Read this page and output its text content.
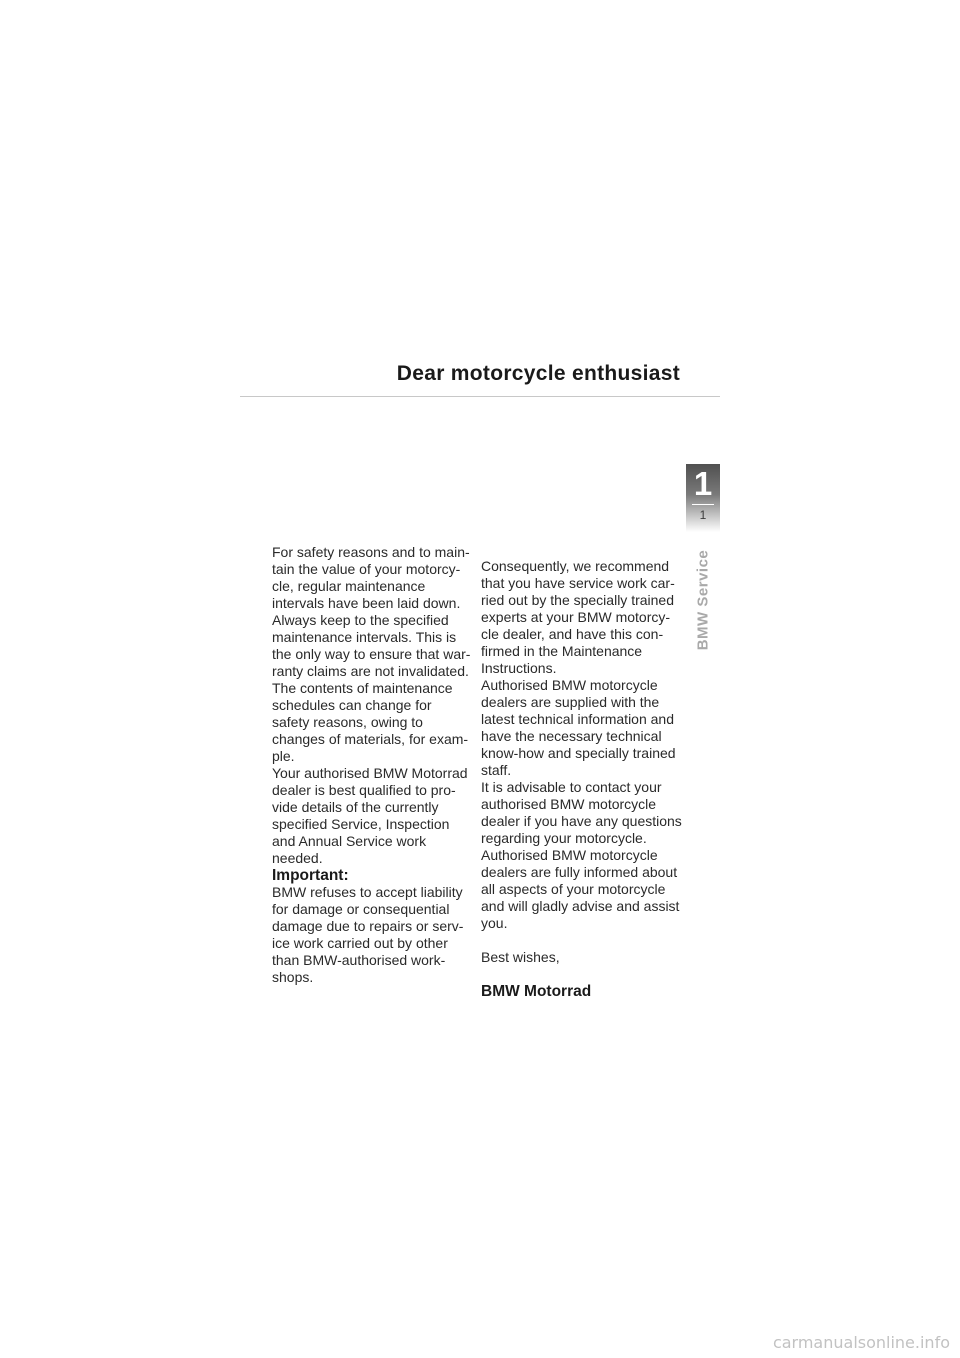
Dear motorcycle enthusiast
1
1
BMW Service

For safety reasons and to main-

tain the value of your motorcy-

cle, regular maintenance

intervals have been laid down.

Always keep to the specified

maintenance intervals. This is

the only way to ensure that war-

ranty claims are not invalidated.

The contents of maintenance

schedules can change for

safety reasons, owing to

changes of materials, for exam-

ple.

Your authorised BMW Motorrad

dealer is best qualified to pro-

vide details of the currently

specified Service, Inspection

and Annual Service work

needed.

Important:

BMW refuses to accept liability

for damage or consequential

damage due to repairs or serv-

ice work carried out by other

than BMW-authorised work-

shops.

Consequently, we recommend

that you have service work car-

ried out by the specially trained

experts at your BMW motorcy-

cle dealer, and have this con-

firmed in the Maintenance

Instructions.

Authorised BMW motorcycle

dealers are supplied with the

latest technical information and

have the necessary technical

know-how and specially trained

staff.

It is advisable to contact your

authorised BMW motorcycle

dealer if you have any questions

regarding your motorcycle.

Authorised BMW motorcycle

dealers are fully informed about

all aspects of your motorcycle

and will gladly advise and assist

you.

Best wishes,

BMW Motorrad

carmanualsonline.info
